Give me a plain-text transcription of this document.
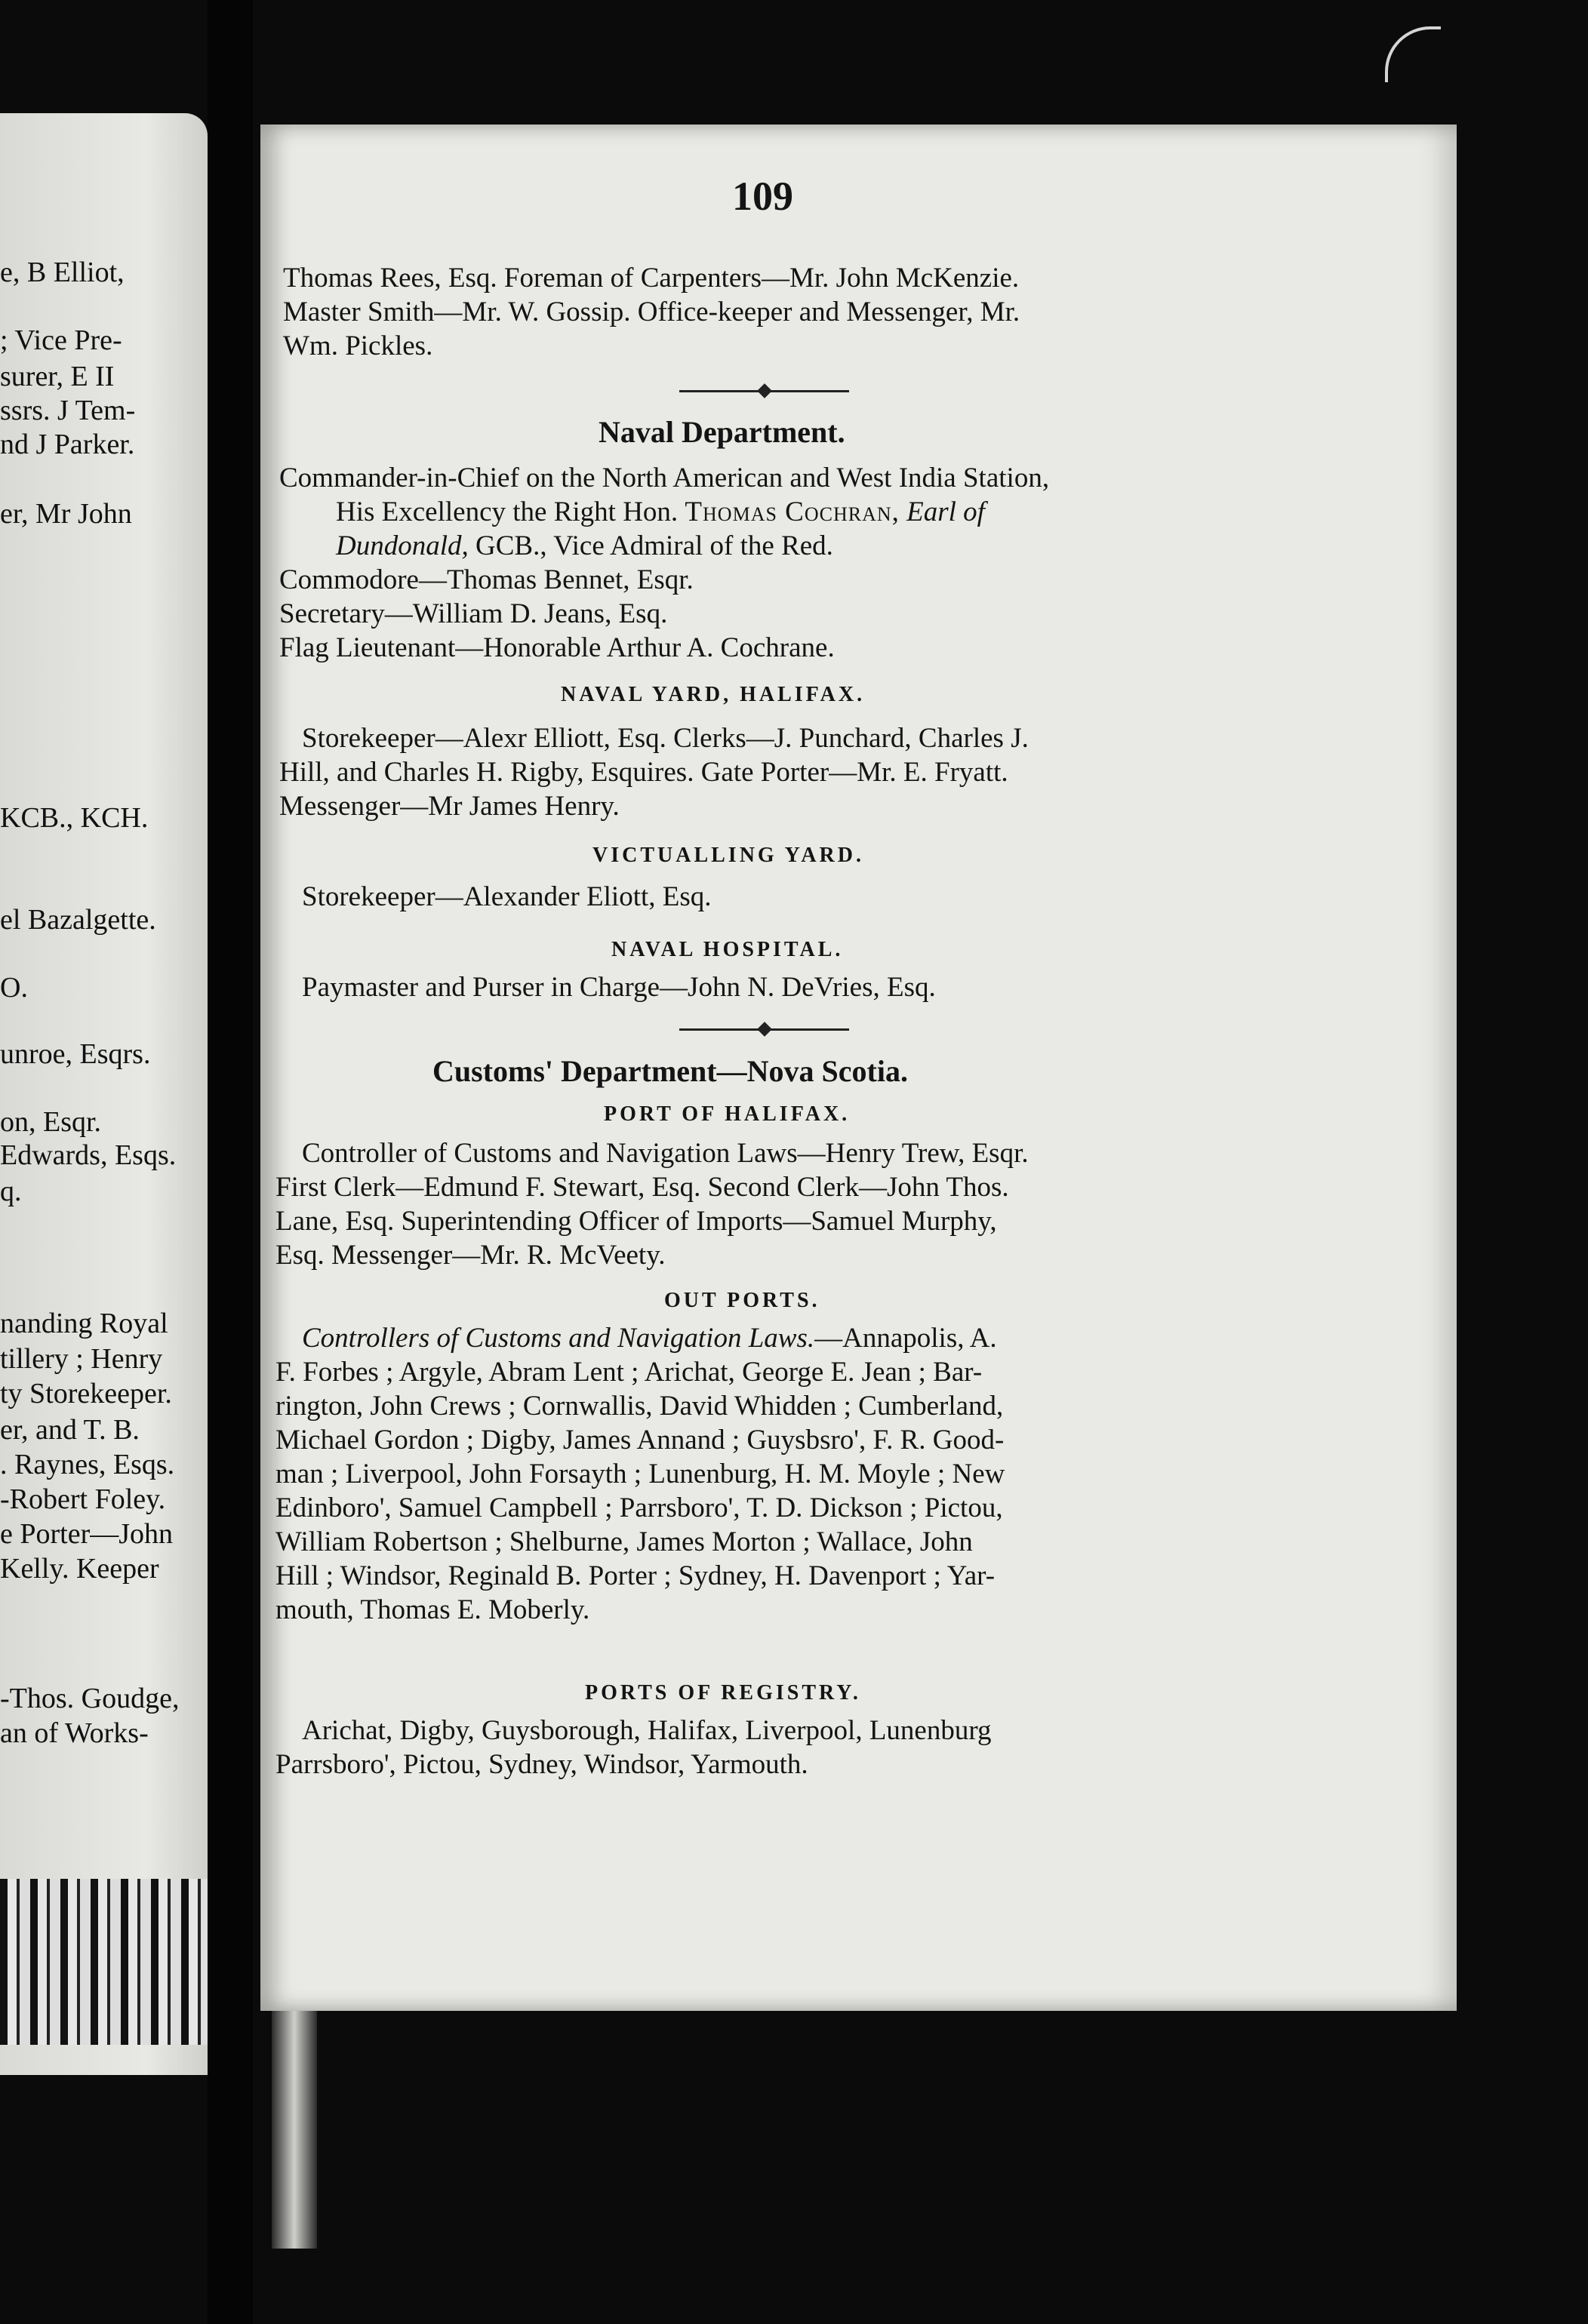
e, B Elliot,
; Vice Pre-
surer, E II
ssrs. J Tem-
nd J Parker.
er, Mr John
KCB., KCH.
el Bazalgette.
O.
unroe, Esqrs.
on, Esqr.
Edwards, Esqs.
q.
nanding Royal
tillery ; Henry
ty Storekeeper.
er, and T. B.
. Raynes, Esqs.
-Robert Foley.
e Porter—John
Kelly. Keeper
-Thos. Goudge,
an of Works-
109
Thomas Rees, Esq. Foreman of Carpenters—Mr. John McKenzie.
Master Smith—Mr. W. Gossip. Office-keeper and Messenger, Mr.
Wm. Pickles.
Naval Department.
Commander-in-Chief on the North American and West India Station,
His Excellency the Right Hon. Thomas Cochran, Earl of
Dundonald, GCB., Vice Admiral of the Red.
Commodore—Thomas Bennet, Esqr.
Secretary—William D. Jeans, Esq.
Flag Lieutenant—Honorable Arthur A. Cochrane.
NAVAL YARD, HALIFAX.
Storekeeper—Alexr Elliott, Esq. Clerks—J. Punchard, Charles J.
Hill, and Charles H. Rigby, Esquires. Gate Porter—Mr. E. Fryatt.
Messenger—Mr James Henry.
VICTUALLING YARD.
Storekeeper—Alexander Eliott, Esq.
NAVAL HOSPITAL.
Paymaster and Purser in Charge—John N. DeVries, Esq.
Customs' Department—Nova Scotia.
PORT OF HALIFAX.
Controller of Customs and Navigation Laws—Henry Trew, Esqr.
First Clerk—Edmund F. Stewart, Esq. Second Clerk—John Thos.
Lane, Esq. Superintending Officer of Imports—Samuel Murphy,
Esq. Messenger—Mr. R. McVeety.
OUT PORTS.
Controllers of Customs and Navigation Laws.—Annapolis, A.
F. Forbes ; Argyle, Abram Lent ; Arichat, George E. Jean ; Bar-
rington, John Crews ; Cornwallis, David Whidden ; Cumberland,
Michael Gordon ; Digby, James Annand ; Guysbsro', F. R. Good-
man ; Liverpool, John Forsayth ; Lunenburg, H. M. Moyle ; New
Edinboro', Samuel Campbell ; Parrsboro', T. D. Dickson ; Pictou,
William Robertson ; Shelburne, James Morton ; Wallace, John
Hill ; Windsor, Reginald B. Porter ; Sydney, H. Davenport ; Yar-
mouth, Thomas E. Moberly.
PORTS OF REGISTRY.
Arichat, Digby, Guysborough, Halifax, Liverpool, Lunenburg
Parrsboro', Pictou, Sydney, Windsor, Yarmouth.
